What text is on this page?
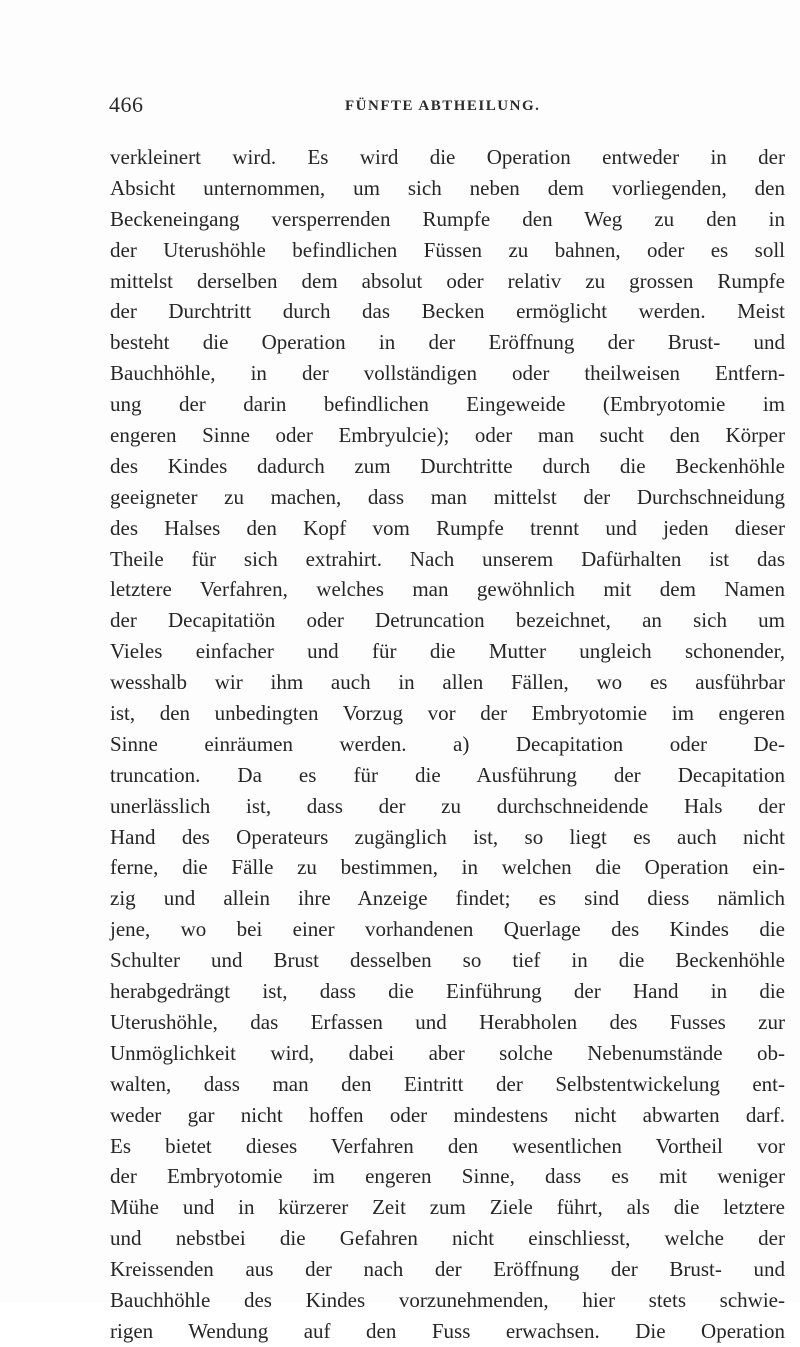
466	FÜNFTE ABTHEILUNG.
verkleinert wird. Es wird die Operation entweder in der
Absicht unternommen, um sich neben dem vorliegenden, den
Beckeneingang versperrenden Rumpfe den Weg zu den in
der Uterushöhle befindlichen Füssen zu bahnen, oder es soll
mittelst derselben dem absolut oder relativ zu grossen Rumpfe
der Durchtritt durch das Becken ermöglicht werden. Meist
besteht die Operation in der Eröffnung der Brust- und
Bauchhöhle, in der vollständigen oder theilweisen Entfern-
ung der darin befindlichen Eingeweide (Embryotomie im
engeren Sinne oder Embryulcie); oder man sucht den Körper
des Kindes dadurch zum Durchtritte durch die Beckenhöhle
geeigneter zu machen, dass man mittelst der Durchschneidung
des Halses den Kopf vom Rumpfe trennt und jeden dieser
Theile für sich extrahirt. Nach unserem Dafürhalten ist das
letztere Verfahren, welches man gewöhnlich mit dem Namen
der Decapitatiön oder Detruncation bezeichnet, an sich um
Vieles einfacher und für die Mutter ungleich schonender,
wesshalb wir ihm auch in allen Fällen, wo es ausführbar
ist, den unbedingten Vorzug vor der Embryotomie im engeren
Sinne einräumen werden. a) Decapitation oder De-
truncation. Da es für die Ausführung der Decapitation
unerlässlich ist, dass der zu durchschneidende Hals der
Hand des Operateurs zugänglich ist, so liegt es auch nicht
ferne, die Fälle zu bestimmen, in welchen die Operation ein-
zig und allein ihre Anzeige findet; es sind diess nämlich
jene, wo bei einer vorhandenen Querlage des Kindes die
Schulter und Brust desselben so tief in die Beckenhöhle
herabgedrängt ist, dass die Einführung der Hand in die
Uterushöhle, das Erfassen und Herabholen des Fusses zur
Unmöglichkeit wird, dabei aber solche Nebenumstände ob-
walten, dass man den Eintritt der Selbstentwickelung ent-
weder gar nicht hoffen oder mindestens nicht abwarten darf.
Es bietet dieses Verfahren den wesentlichen Vortheil vor
der Embryotomie im engeren Sinne, dass es mit weniger
Mühe und in kürzerer Zeit zum Ziele führt, als die letztere
und nebstbei die Gefahren nicht einschliesst, welche der
Kreissenden aus der nach der Eröffnung der Brust- und
Bauchhöhle des Kindes vorzunehmenden, hier stets schwie-
rigen Wendung auf den Fuss erwachsen. Die Operation
